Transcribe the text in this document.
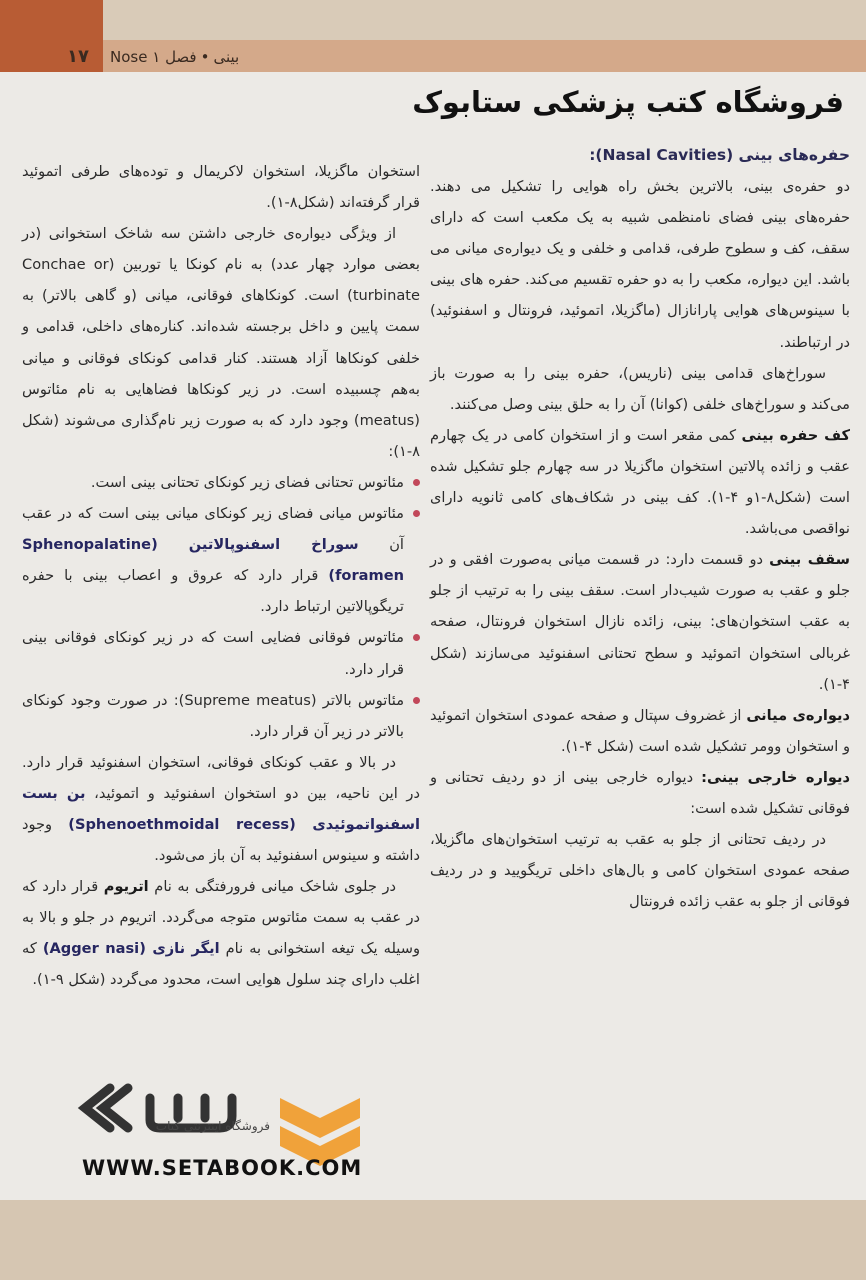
۱۷	Nose	بینی•فصل ۱
فروشگاه کتب پزشکی ستابوک

حفره‌های بینی (Nasal Cavities):

دو حفره‌ی بینی، بالاترین بخش راه هوایی را تشکیل می دهند. حفره‌های بینی فضای نامنظمی شبیه به یک مکعب است که دارای سقف، کف و سطوح طرفی، قدامی و خلفی و یک دیواره‌ی میانی می باشد. این دیواره، مکعب را به دو حفره تقسیم می‌کند. حفره های بینی با سینوس‌های هوایی پارانازال (ماگزیلا، اتموئید، فرونتال و اسفنوئید) در ارتباطند.

سوراخ‌های قدامی بینی (ناریس)، حفره بینی را به صورت باز می‌کند و سوراخ‌های خلفی (کوانا) آن را به حلق بینی وصل می‌کنند.

کف حفره بینی کمی مقعر است و از استخوان کامی در یک چهارم عقب و زائده پالاتین استخوان ماگزیلا در سه چهارم جلو تشکیل شده است (شکل‌۸-۱و ۴-۱). کف بینی در شکاف‌های کامی ثانویه دارای نواقصی می‌باشد.

سقف بینی دو قسمت دارد: در قسمت میانی به‌صورت افقی و در جلو و عقب به صورت شیب‌دار است. سقف بینی را به ترتیب از جلو به عقب استخوان‌های: بینی، زائده نازال استخوان فرونتال، صفحه غربالی استخوان اتموئید و سطح تحتانی اسفنوئید می‌سازند (شکل ۴-۱).

دیواره‌ی میانی از غضروف سپتال و صفحه عمودی استخوان اتموئید و استخوان وومر تشکیل شده است (شکل ۴-۱).

دیواره خارجی بینی: دیواره خارجی بینی از دو ردیف تحتانی و فوقانی تشکیل شده است:

در ردیف تحتانی از جلو به عقب به ترتیب استخوان‌های ماگزیلا، صفحه عمودی استخوان کامی و بال‌های داخلی تریگویید و در ردیف فوقانی از جلو به عقب زائده فرونتال

استخوان ماگزیلا، استخوان لاکریمال و توده‌های طرفی اتموئید قرار گرفته‌اند (شکل۸-۱).

از ویژگی دیواره‌ی خارجی داشتن سه شاخک استخوانی (در بعضی موارد چهار عدد) به نام کونکا یا توربین (Conchae or turbinate) است. کونکاهای فوقانی، میانی (و گاهی بالاتر) به سمت پایین و داخل برجسته شده‌اند. کناره‌های داخلی، قدامی و خلفی کونکاها آزاد هستند. کنار قدامی کونکای فوقانی و میانی به‌هم چسبیده است. در زیر کونکاها فضاهایی به نام مئاتوس (meatus) وجود دارد که به صورت زیر نام‌گذاری می‌شوند (شکل ۸-۱):

مئاتوس تحتانی فضای زیر کونکای تحتانی بینی است.

مئاتوس میانی فضای زیر کونکای میانی بینی است که در عقب آن سوراخ اسفنوپالاتین (Sphenopalatine foramen) قرار دارد که عروق و اعصاب بینی با حفره تریگوپالاتین ارتباط دارد.

مئاتوس فوقانی فضایی است که در زیر کونکای فوقانی بینی قرار دارد.

مئاتوس بالاتر (Supreme meatus): در صورت وجود کونکای بالاتر در زیر آن قرار دارد.

در بالا و عقب کونکای فوقانی، استخوان اسفنوئید قرار دارد. در این ناحیه، بین دو استخوان اسفنوئید و اتموئید، بن بست اسفنواتموئیدی (Sphenoethmoidal recess) وجود داشته و سینوس اسفنوئید به آن باز می‌شود.

در جلوی شاخک میانی فرورفتگی به نام اتریوم قرار دارد که در عقب به سمت مئاتوس متوجه می‌گردد. اتریوم در جلو و بالا به وسیله یک تیغه استخوانی به نام ایگر نازی (Agger nasi) که اغلب دارای چند سلول هوایی است، محدود می‌گردد (شکل ۹-۱).

فروشگاه اینترنتی کتاب
WWW.SETABOOK.COM
